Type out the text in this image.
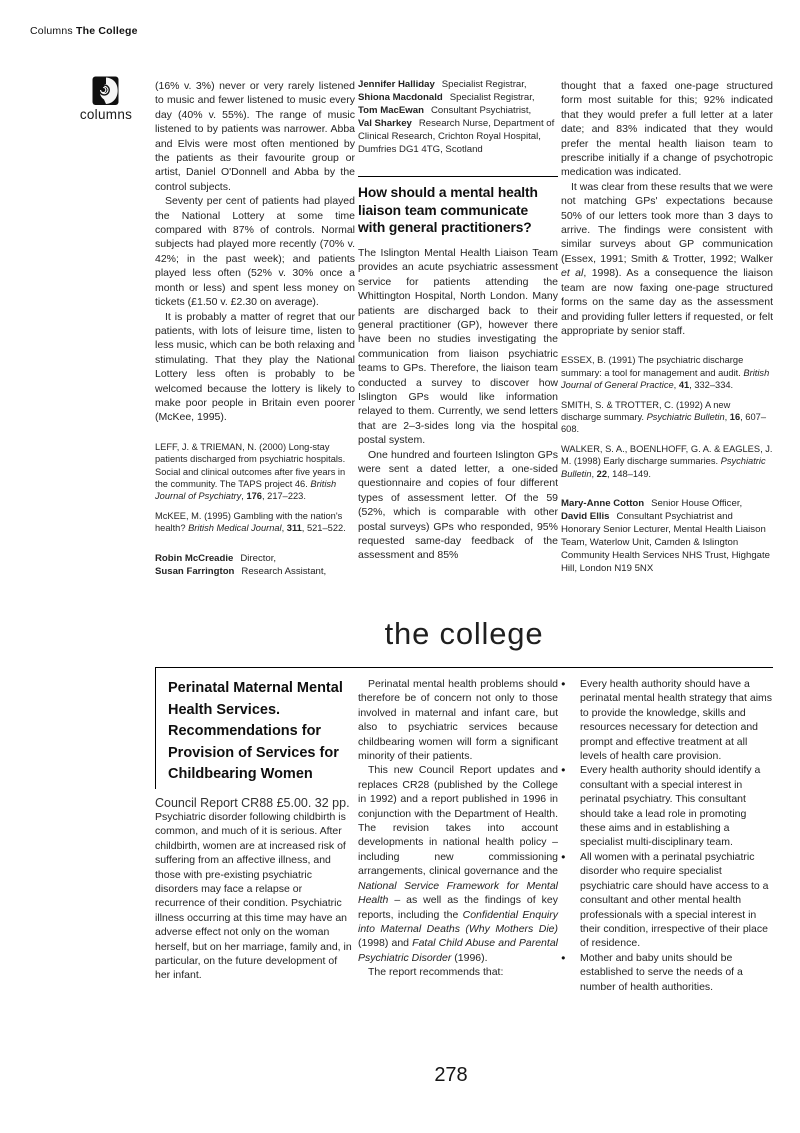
Columns The College
columns

(16% v. 3%) never or very rarely listened to music and fewer listened to music every day (40% v. 55%). The range of music listened to by patients was narrower. Abba and Elvis were most often mentioned by the patients as their favourite group or artist, Daniel O'Donnell and Abba by the control subjects.

Seventy per cent of patients had played the National Lottery at some time compared with 87% of controls. Normal subjects had played more recently (70% v. 42%; in the past week); and patients played less often (52% v. 30% once a month or less) and spent less money on tickets (£1.50 v. £2.30 on average).

It is probably a matter of regret that our patients, with lots of leisure time, listen to less music, which can be both relaxing and stimulating. That they play the National Lottery less often is probably to be welcomed because the lottery is likely to make poor people in Britain even poorer (McKee, 1995).

LEFF, J. & TRIEMAN, N. (2000) Long-stay patients discharged from psychiatric hospitals. Social and clinical outcomes after five years in the community. The TAPS project 46. British Journal of Psychiatry, 176, 217–223.

McKEE, M. (1995) Gambling with the nation's health? British Medical Journal, 311, 521–522.

Robin McCreadie Director,
Susan Farrington Research Assistant,
Jennifer Halliday Specialist Registrar,
Shiona Macdonald Specialist Registrar,
Tom MacEwan Consultant Psychiatrist,
Val Sharkey Research Nurse, Department of Clinical Research, Crichton Royal Hospital, Dumfries DG1 4TG, Scotland
How should a mental health liaison team communicate with general practitioners?

The Islington Mental Health Liaison Team provides an acute psychiatric assessment service for patients attending the Whittington Hospital, North London. Many patients are discharged back to their general practitioner (GP), however there have been no studies investigating the communication from liaison psychiatric teams to GPs. Therefore, the liaison team conducted a survey to discover how Islington GPs would like information relayed to them. Currently, we send letters that are 2–3-sides long via the hospital postal system.

One hundred and fourteen Islington GPs were sent a dated letter, a one-sided questionnaire and copies of four different types of assessment letter. Of the 59 (52%, which is comparable with other postal surveys) GPs who responded, 95% requested same-day feedback of the assessment and 85%

thought that a faxed one-page structured form most suitable for this; 92% indicated that they would prefer a full letter at a later date; and 83% indicated that they would prefer the mental health liaison team to prescribe initially if a change of psychotropic medication was indicated.

It was clear from these results that we were not matching GPs' expectations because 50% of our letters took more than 3 days to arrive. The findings were consistent with similar surveys about GP communication (Essex, 1991; Smith & Trotter, 1992; Walker et al, 1998). As a consequence the liaison team are now faxing one-page structured forms on the same day as the assessment and providing fuller letters if requested, or felt appropriate by senior staff.

ESSEX, B. (1991) The psychiatric discharge summary: a tool for management and audit. British Journal of General Practice, 41, 332–334.

SMITH, S. & TROTTER, C. (1992) A new discharge summary. Psychiatric Bulletin, 16, 607–608.

WALKER, S. A., BOENLHOFF, G. A. & EAGLES, J. M. (1998) Early discharge summaries. Psychiatric Bulletin, 22, 148–149.

Mary-Anne Cotton Senior House Officer,
David Ellis Consultant Psychiatrist and Honorary Senior Lecturer, Mental Health Liaison Team, Waterlow Unit, Camden & Islington Community Health Services NHS Trust, Highgate Hill, London N19 5NX
the college
Perinatal Maternal Mental Health Services. Recommendations for Provision of Services for Childbearing Women
Council Report CR88 £5.00. 32 pp.

Psychiatric disorder following childbirth is common, and much of it is serious. After childbirth, women are at increased risk of suffering from an affective illness, and those with pre-existing psychiatric disorders may face a relapse or recurrence of their condition. Psychiatric illness occurring at this time may have an adverse effect not only on the woman herself, but on her marriage, family and, in particular, on the future development of her infant.

Perinatal mental health problems should therefore be of concern not only to those involved in maternal and infant care, but also to psychiatric services because childbearing women will form a significant minority of their patients.

This new Council Report updates and replaces CR28 (published by the College in 1992) and a report published in 1996 in conjunction with the Department of Health. The revision takes into account developments in national health policy – including new commissioning arrangements, clinical governance and the National Service Framework for Mental Health – as well as the findings of key reports, including the Confidential Enquiry into Maternal Deaths (Why Mothers Die) (1998) and Fatal Child Abuse and Parental Psychiatric Disorder (1996).

The report recommends that:

● Every health authority should have a perinatal mental health strategy that aims to provide the knowledge, skills and resources necessary for detection and prompt and effective treatment at all levels of health care provision.
● Every health authority should identify a consultant with a special interest in perinatal psychiatry. This consultant should take a lead role in promoting these aims and in establishing a specialist multi-disciplinary team.
● All women with a perinatal psychiatric disorder who require specialist psychiatric care should have access to a consultant and other mental health professionals with a special interest in their condition, irrespective of their place of residence.
● Mother and baby units should be established to serve the needs of a number of health authorities.
278
